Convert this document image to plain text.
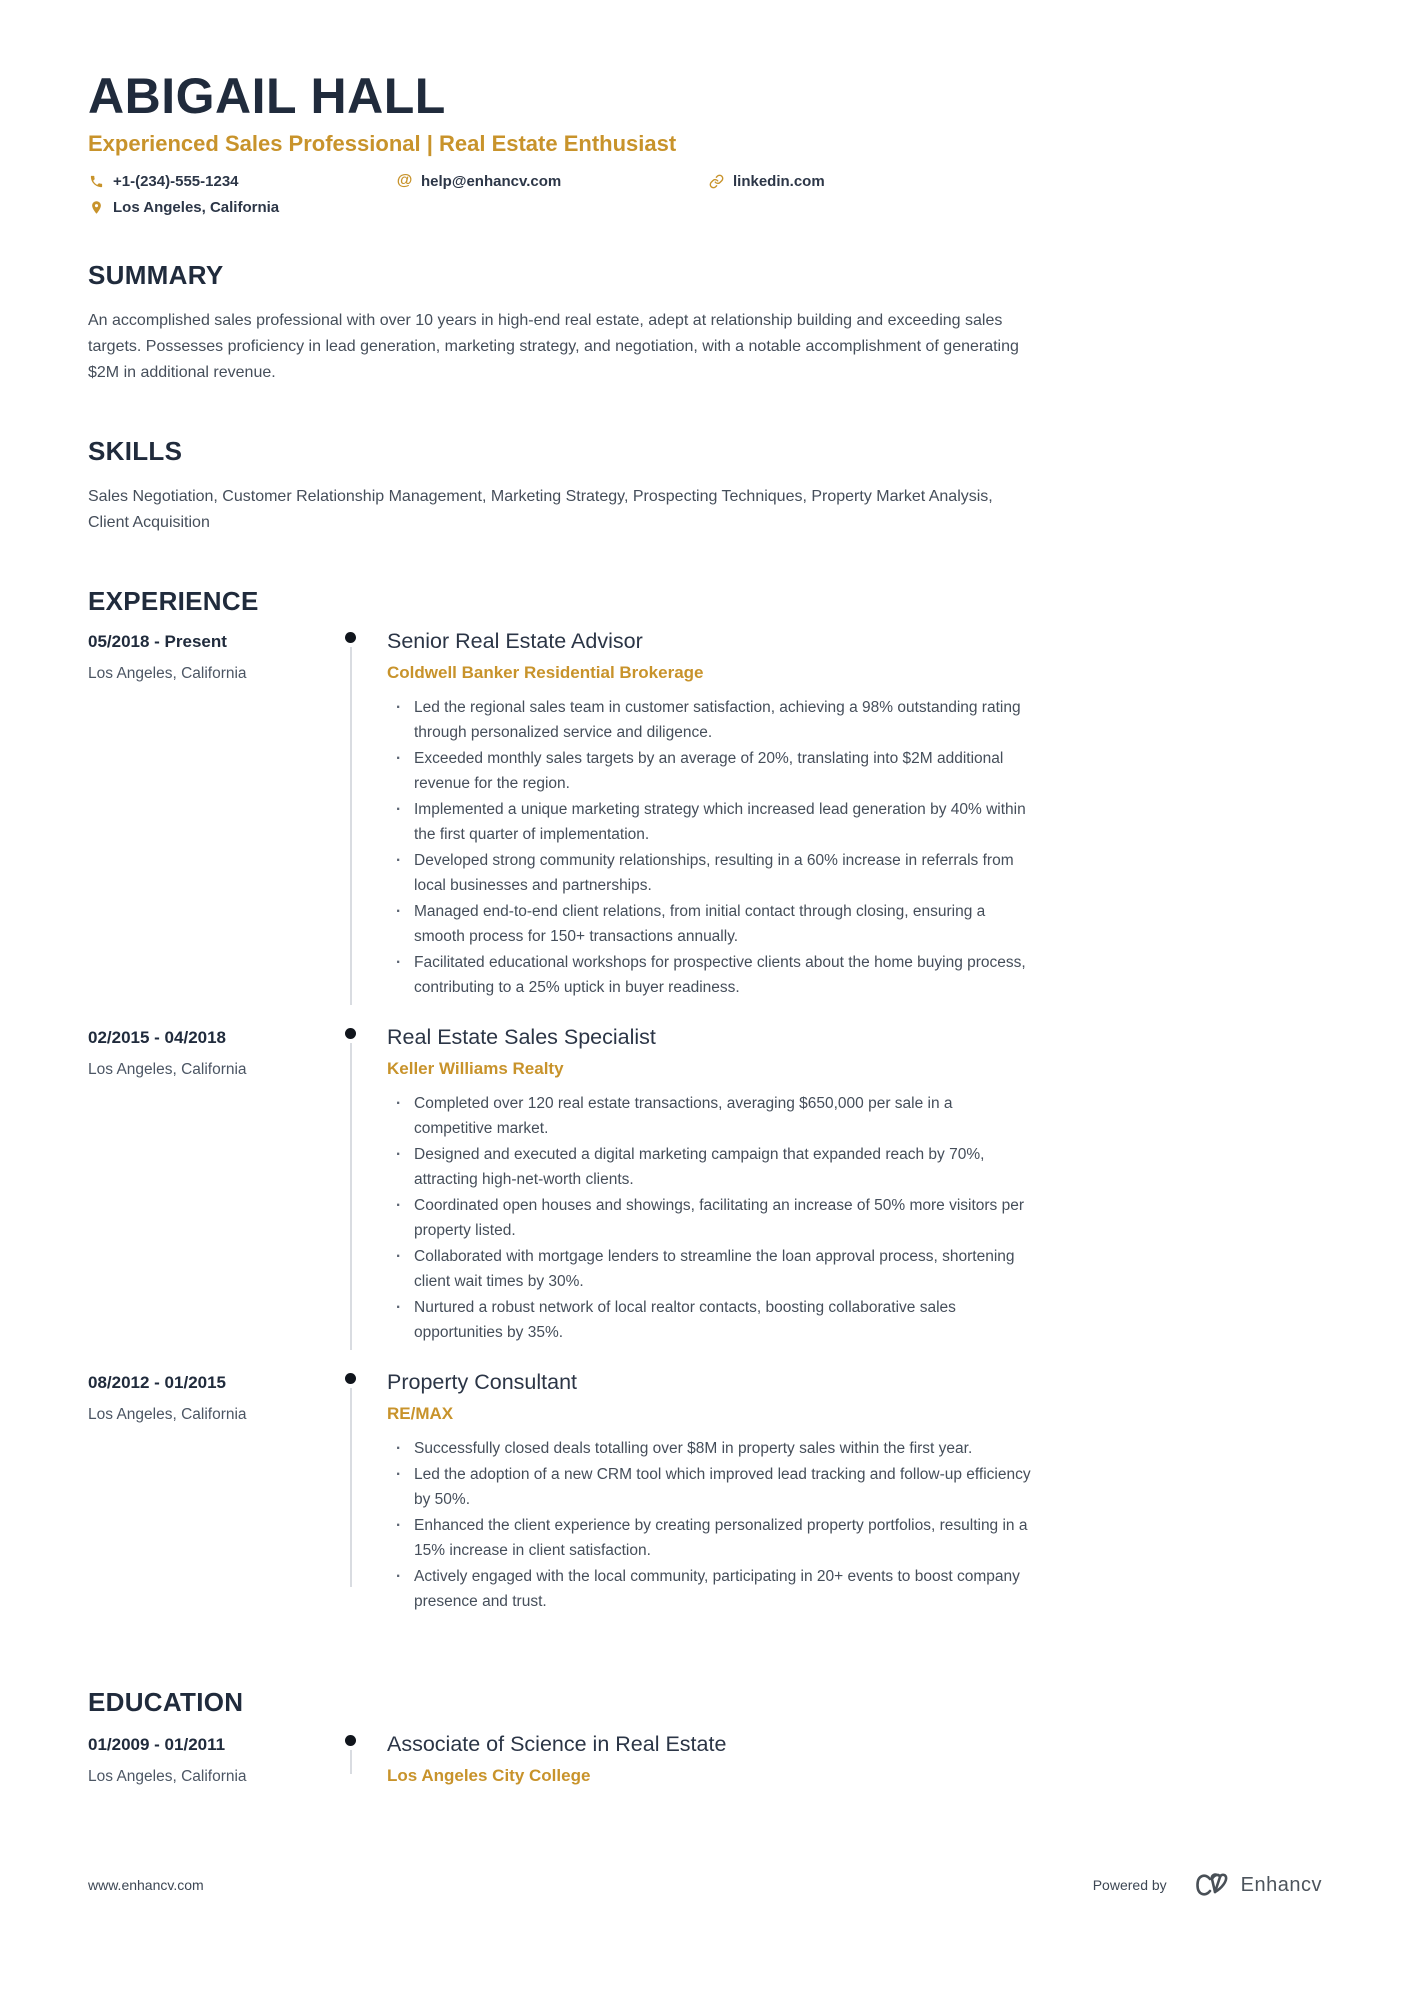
ABIGAIL HALL
Experienced Sales Professional | Real Estate Enthusiast
+1-(234)-555-1234	@ help@enhancv.com	linkedin.com
Los Angeles, California
SUMMARY
An accomplished sales professional with over 10 years in high-end real estate, adept at relationship building and exceeding sales targets. Possesses proficiency in lead generation, marketing strategy, and negotiation, with a notable accomplishment of generating $2M in additional revenue.
SKILLS
Sales Negotiation, Customer Relationship Management, Marketing Strategy, Prospecting Techniques, Property Market Analysis, Client Acquisition
EXPERIENCE
05/2018 - Present
Los Angeles, California
Senior Real Estate Advisor
Coldwell Banker Residential Brokerage
· Led the regional sales team in customer satisfaction, achieving a 98% outstanding rating through personalized service and diligence.
· Exceeded monthly sales targets by an average of 20%, translating into $2M additional revenue for the region.
· Implemented a unique marketing strategy which increased lead generation by 40% within the first quarter of implementation.
· Developed strong community relationships, resulting in a 60% increase in referrals from local businesses and partnerships.
· Managed end-to-end client relations, from initial contact through closing, ensuring a smooth process for 150+ transactions annually.
· Facilitated educational workshops for prospective clients about the home buying process, contributing to a 25% uptick in buyer readiness.
02/2015 - 04/2018
Los Angeles, California
Real Estate Sales Specialist
Keller Williams Realty
· Completed over 120 real estate transactions, averaging $650,000 per sale in a competitive market.
· Designed and executed a digital marketing campaign that expanded reach by 70%, attracting high-net-worth clients.
· Coordinated open houses and showings, facilitating an increase of 50% more visitors per property listed.
· Collaborated with mortgage lenders to streamline the loan approval process, shortening client wait times by 30%.
· Nurtured a robust network of local realtor contacts, boosting collaborative sales opportunities by 35%.
08/2012 - 01/2015
Los Angeles, California
Property Consultant
RE/MAX
· Successfully closed deals totalling over $8M in property sales within the first year.
· Led the adoption of a new CRM tool which improved lead tracking and follow-up efficiency by 50%.
· Enhanced the client experience by creating personalized property portfolios, resulting in a 15% increase in client satisfaction.
· Actively engaged with the local community, participating in 20+ events to boost company presence and trust.
EDUCATION
01/2009 - 01/2011
Los Angeles, California
Associate of Science in Real Estate
Los Angeles City College
www.enhancv.com	Powered by	Enhancv
